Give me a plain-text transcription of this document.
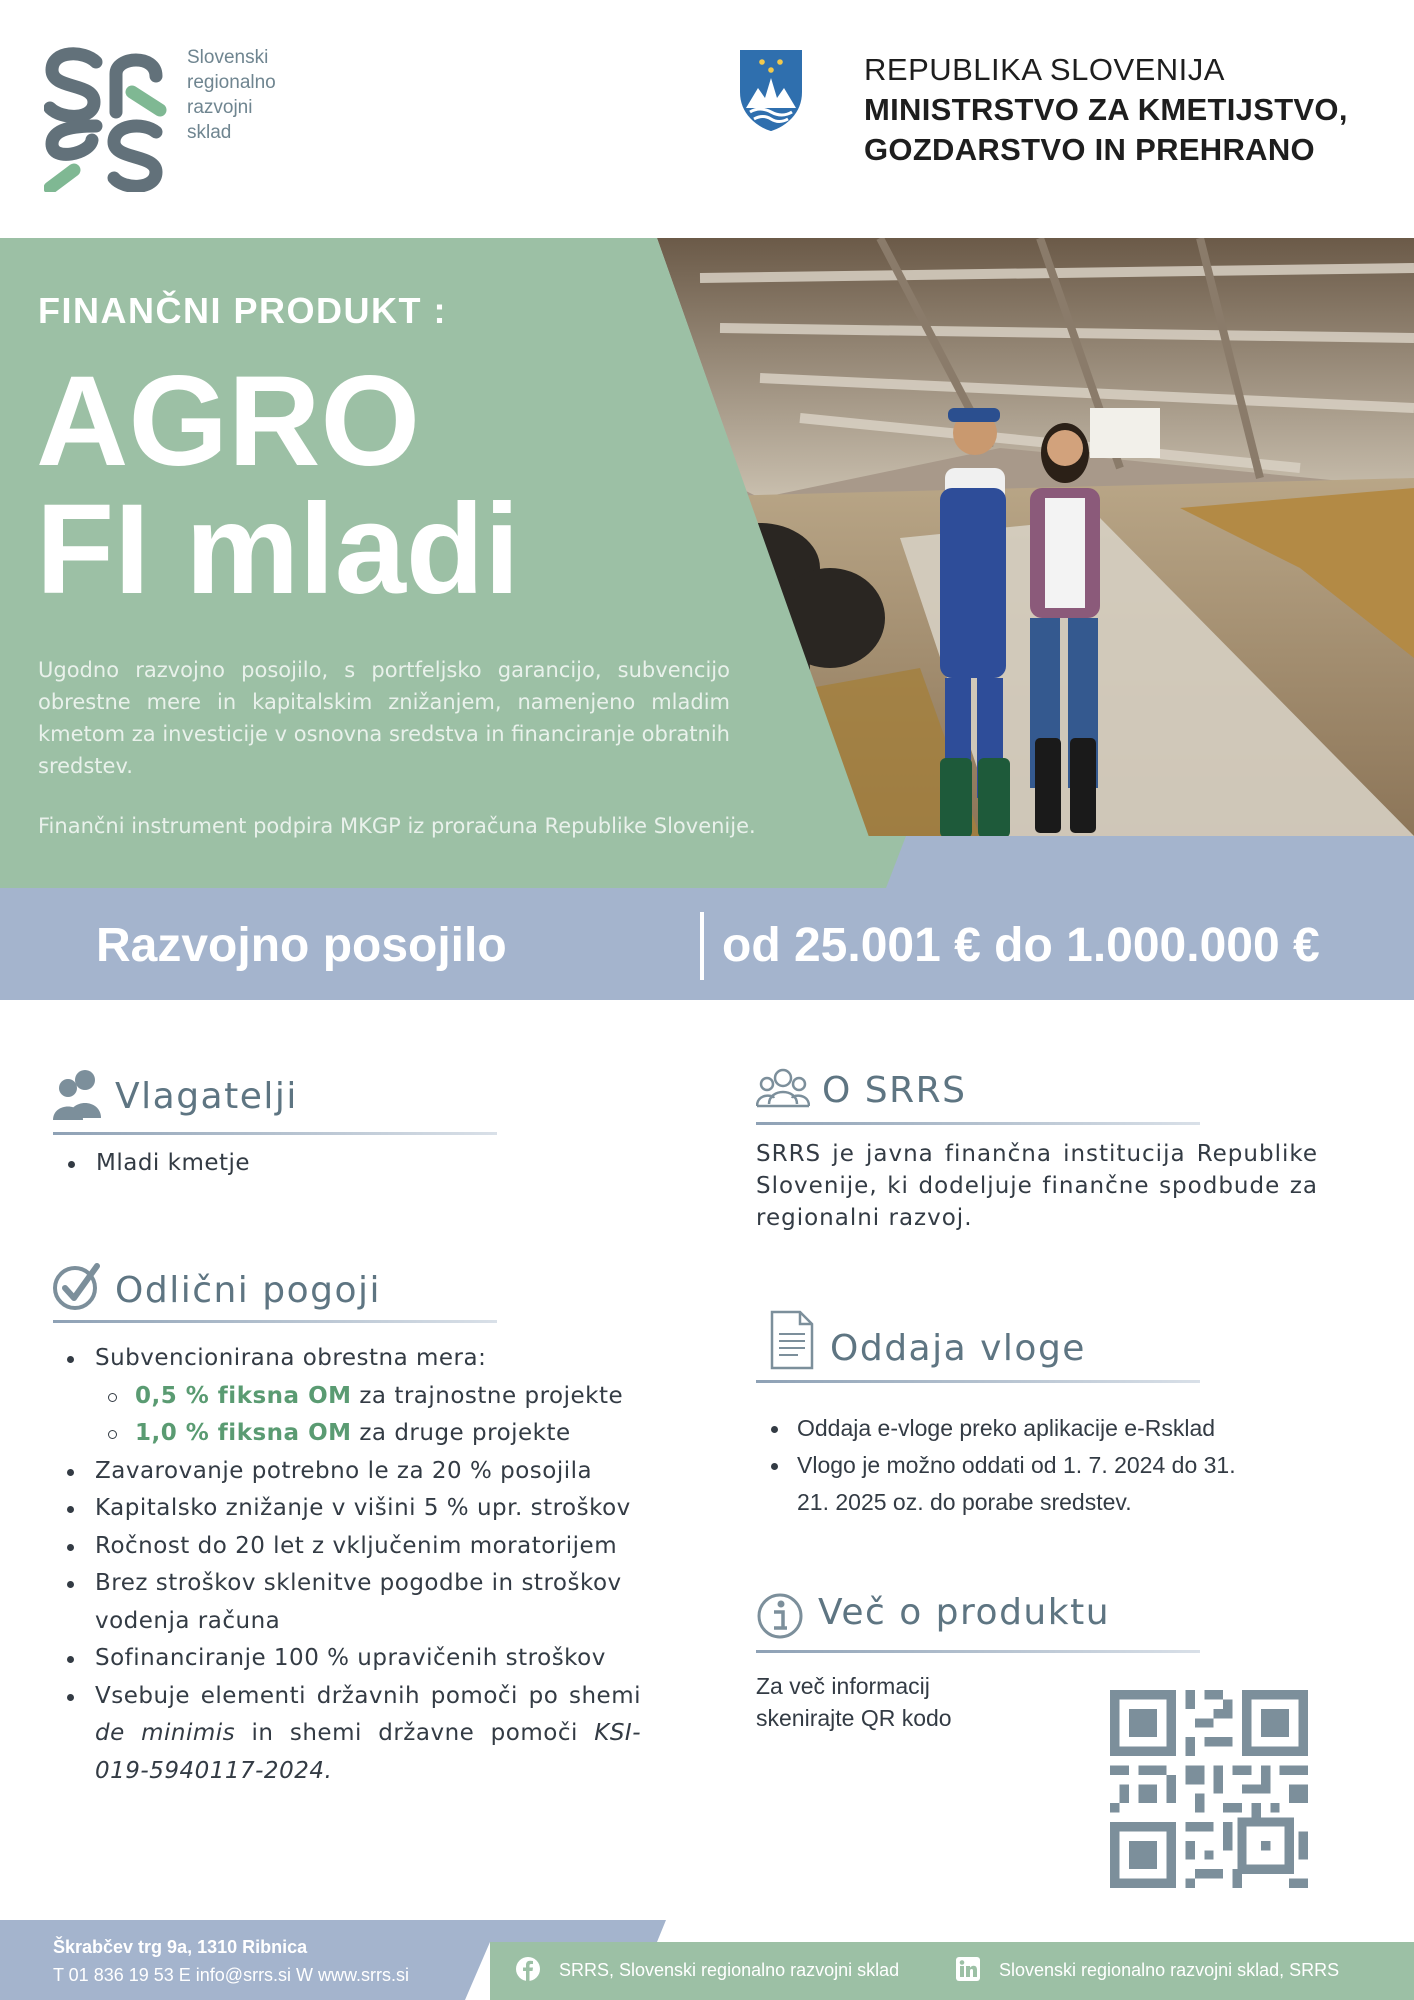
Slovenski
regionalno
razvojni
sklad
REPUBLIKA SLOVENIJA
MINISTRSTVO ZA KMETIJSTVO,
GOZDARSTVO IN PREHRANO
FINANČNI PRODUKT :
AGRO
FI mladi
Ugodno razvojno posojilo, s portfeljsko garancijo, subvencijo obrestne mere in kapitalskim znižanjem, namenjeno mladim kmetom za investicije v osnovna sredstva in financiranje obratnih sredstev.
Finančni instrument podpira MKGP iz proračuna Republike Slovenije.
Razvojno posojilo	od 25.001 € do 1.000.000 €
Vlagatelji
Mladi kmetje
Odlični pogoji
Subvencionirana obrestna mera:
0,5 % fiksna OM za trajnostne projekte
1,0 % fiksna OM za druge projekte
Zavarovanje potrebno le za 20 % posojila
Kapitalsko znižanje v višini 5 % upr. stroškov
Ročnost do 20 let z vključenim moratorijem
Brez stroškov sklenitve pogodbe in stroškov vodenja računa
Sofinanciranje 100 % upravičenih stroškov
Vsebuje elementi državnih pomoči po shemi de minimis in shemi državne pomoči KSI-019-5940117-2024.
O SRRS
SRRS je javna finančna institucija Republike Slovenije, ki dodeljuje finančne spodbude za regionalni razvoj.
Oddaja vloge
Oddaja e-vloge preko aplikacije e-Rsklad
Vlogo je možno oddati od 1. 7. 2024 do 31. 21. 2025 oz. do porabe sredstev.
Več o produktu
Za več informacij
skenirajte QR kodo
Škrabčev trg 9a, 1310 Ribnica
T 01 836 19 53 E info@srrs.si W www.srrs.si	SRRS, Slovenski regionalno razvojni sklad	Slovenski regionalno razvojni sklad, SRRS
